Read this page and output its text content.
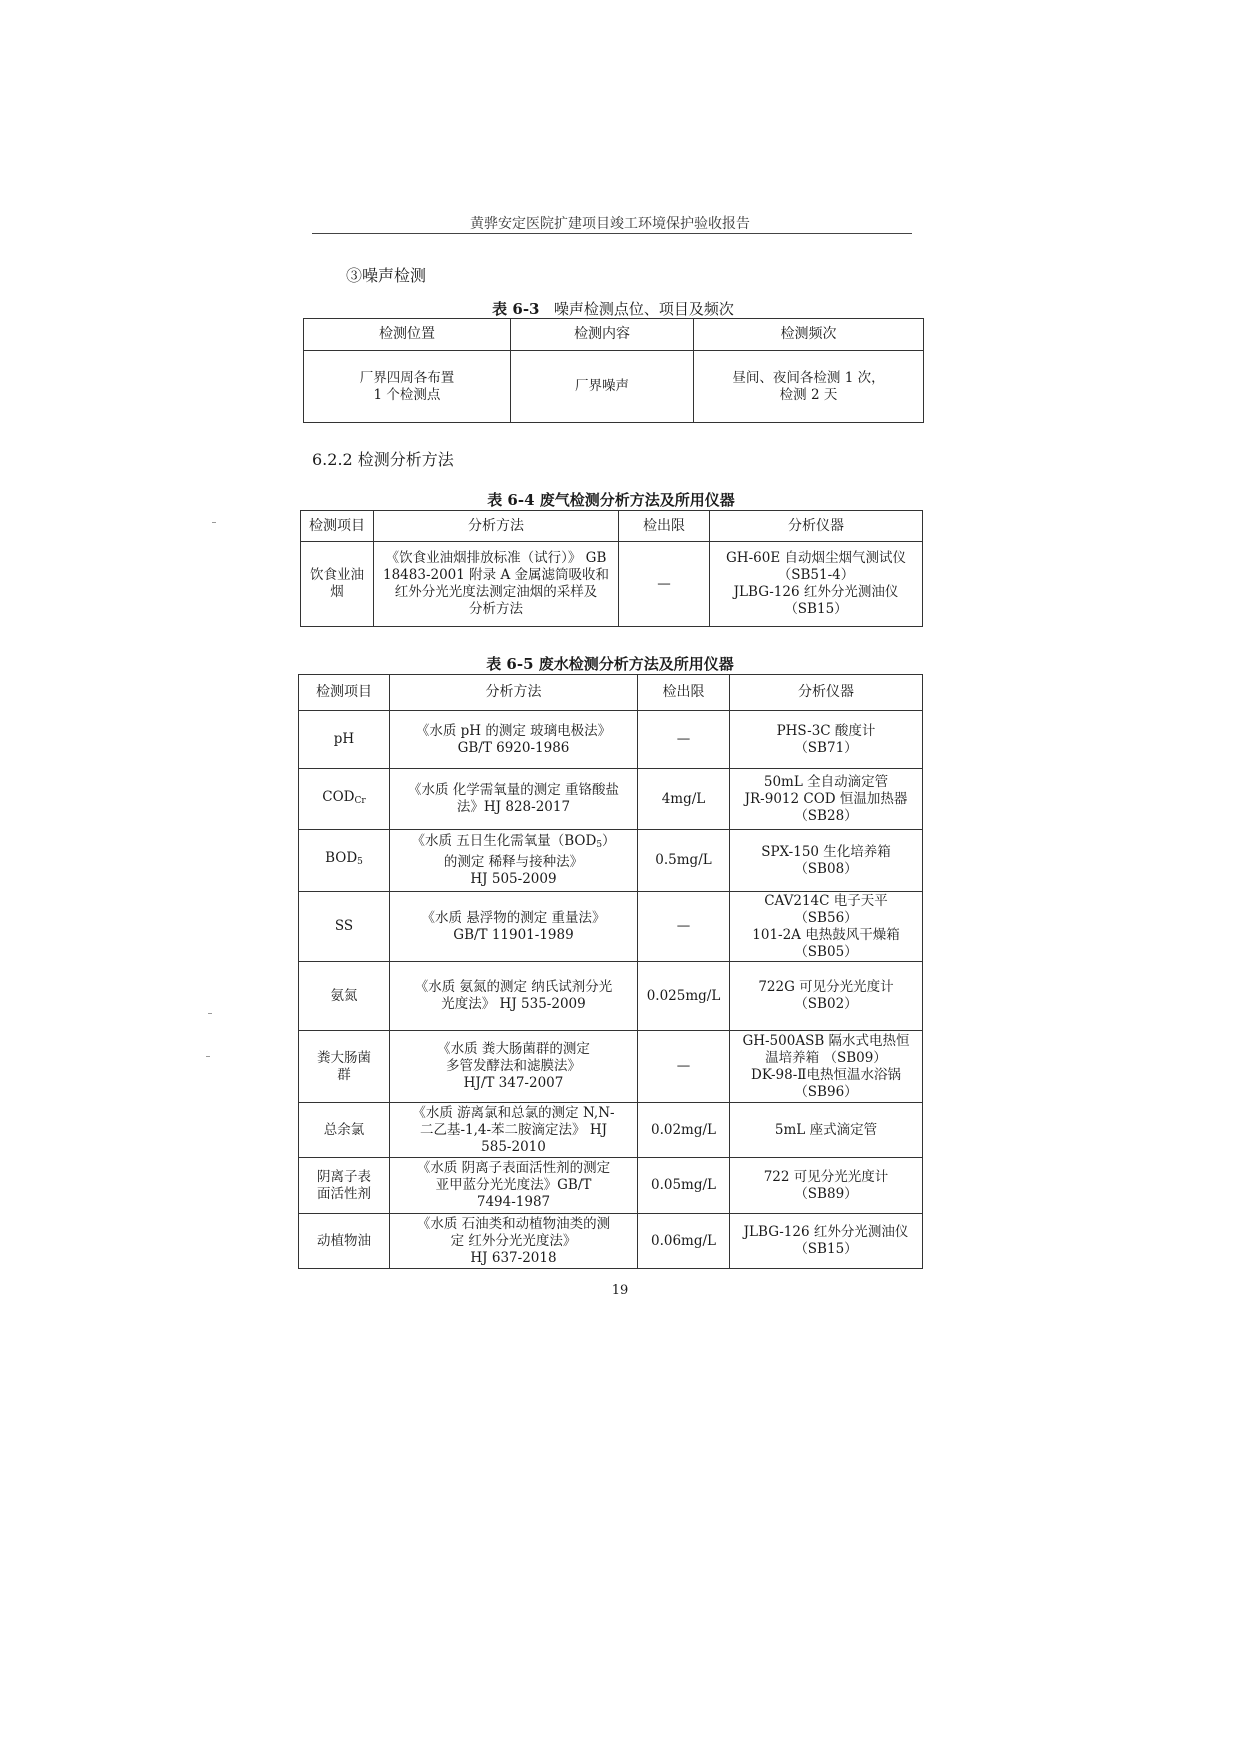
黄骅安定医院扩建项目竣工环境保护验收报告
③噪声检测
表 6-3 噪声检测点位、项目及频次
检测位置	检测内容	检测频次
厂界四周各布置
1 个检测点	厂界噪声	昼间、夜间各检测 1 次，
检测 2 天
6.2.2 检测分析方法
表 6-4 废气检测分析方法及所用仪器
检测项目	分析方法	检出限	分析仪器
饮食业油
烟	《饮食业油烟排放标准（试行）》 GB
18483-2001 附录 A 金属滤筒吸收和
红外分光光度法测定油烟的采样及
分析方法	—	GH-60E 自动烟尘烟气测试仪
（SB51-4）
JLBG-126 红外分光测油仪
（SB15）
表 6-5 废水检测分析方法及所用仪器
检测项目	分析方法	检出限	分析仪器
pH	《水质 pH 的测定 玻璃电极法》
GB/T 6920-1986	—	PHS-3C 酸度计
（SB71）
$COD_{Cr}$	《水质 化学需氧量的测定 重铬酸盐
法》HJ 828-2017	4mg/L	50mL 全自动滴定管
JR-9012 COD 恒温加热器
（SB28）
$BOD_5$	《水质 五日生化需氧量$(BOD_5)$
的测定 稀释与接种法》
HJ 505-2009	0.5mg/L	SPX-150 生化培养箱
（SB08）
SS	《水质 悬浮物的测定 重量法》
GB/T 11901-1989	—	CAV214C 电子天平
（SB56）
101-2A 电热鼓风干燥箱
（SB05）
氨氮	《水质 氨氮的测定 纳氏试剂分光
光度法》 HJ 535-2009	0.025mg/L	722G 可见分光光度计
（SB02）
粪大肠菌
群	《水质 粪大肠菌群的测定
多管发酵法和滤膜法》
HJ/T 347-2007	—	GH-500ASB 隔水式电热恒
温培养箱 （SB09）
DK-98-Ⅱ电热恒温水浴锅
（SB96）
总余氯	《水质 游离氯和总氯的测定 N,N-
二乙基-1,4-苯二胺滴定法》 HJ
585-2010	0.02mg/L	5mL 座式滴定管
阴离子表
面活性剂	《水质 阴离子表面活性剂的测定
亚甲蓝分光光度法》GB/T
7494-1987	0.05mg/L	722 可见分光光度计
（SB89）
动植物油	《水质 石油类和动植物油类的测
定 红外分光光度法》
HJ 637-2018	0.06mg/L	JLBG-126 红外分光测油仪
（SB15）
19
